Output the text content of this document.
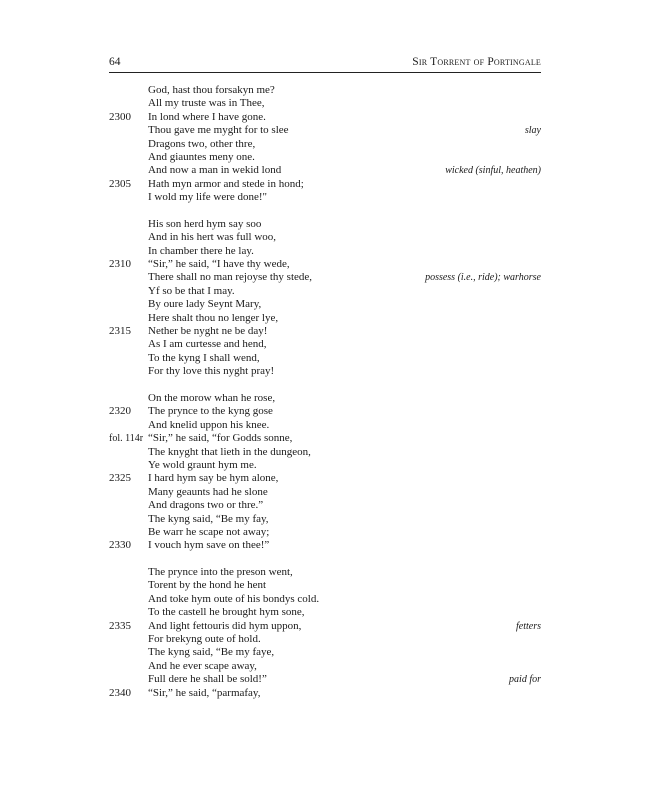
64	Sir Torrent of Portingale
God, hast thou forsakyn me?
All my truste was in Thee,
2300 In lond where I have gone.
Thou gave me myght for to slee	slay
Dragons two, other thre,
And giauntes meny one.
And now a man in wekid lond	wicked (sinful, heathen)
2305 Hath myn armor and stede in hond;
I wold my life were done!"
His son herd hym say soo
And in his hert was full woo,
In chamber there he lay.
2310 “Sir,” he said, “I have thy wede,
There shall no man rejoyse thy stede,	possess (i.e., ride); warhorse
Yf so be that I may.
By oure lady Seynt Mary,
Here shalt thou no lenger lye,
2315 Nether be nyght ne be day!
As I am curtesse and hend,
To the kyng I shall wend,
For thy love this nyght pray!
On the morow whan he rose,
2320 The prynce to the kyng gose
And knelid uppon his knee.
fol. 114r “Sir,” he said, “for Godds sonne,
The knyght that lieth in the dungeon,
Ye wold graunt hym me.
2325 I hard hym say be hym alone,
Many geaunts had he slone
And dragons two or thre.”
The kyng said, “Be my fay,
Be warr he scape not away;
2330 I vouch hym save on thee!”
The prynce into the preson went,
Torent by the hond he hent
And toke hym oute of his bondys cold.
To the castell he brought hym sone,
2335 And light fettouris did hym uppon,	fetters
For brekyng oute of hold.
The kyng said, “Be my faye,
And he ever scape away,
Full dere he shall be sold!”	paid for
2340 “Sir,” he said, “parmafay,
